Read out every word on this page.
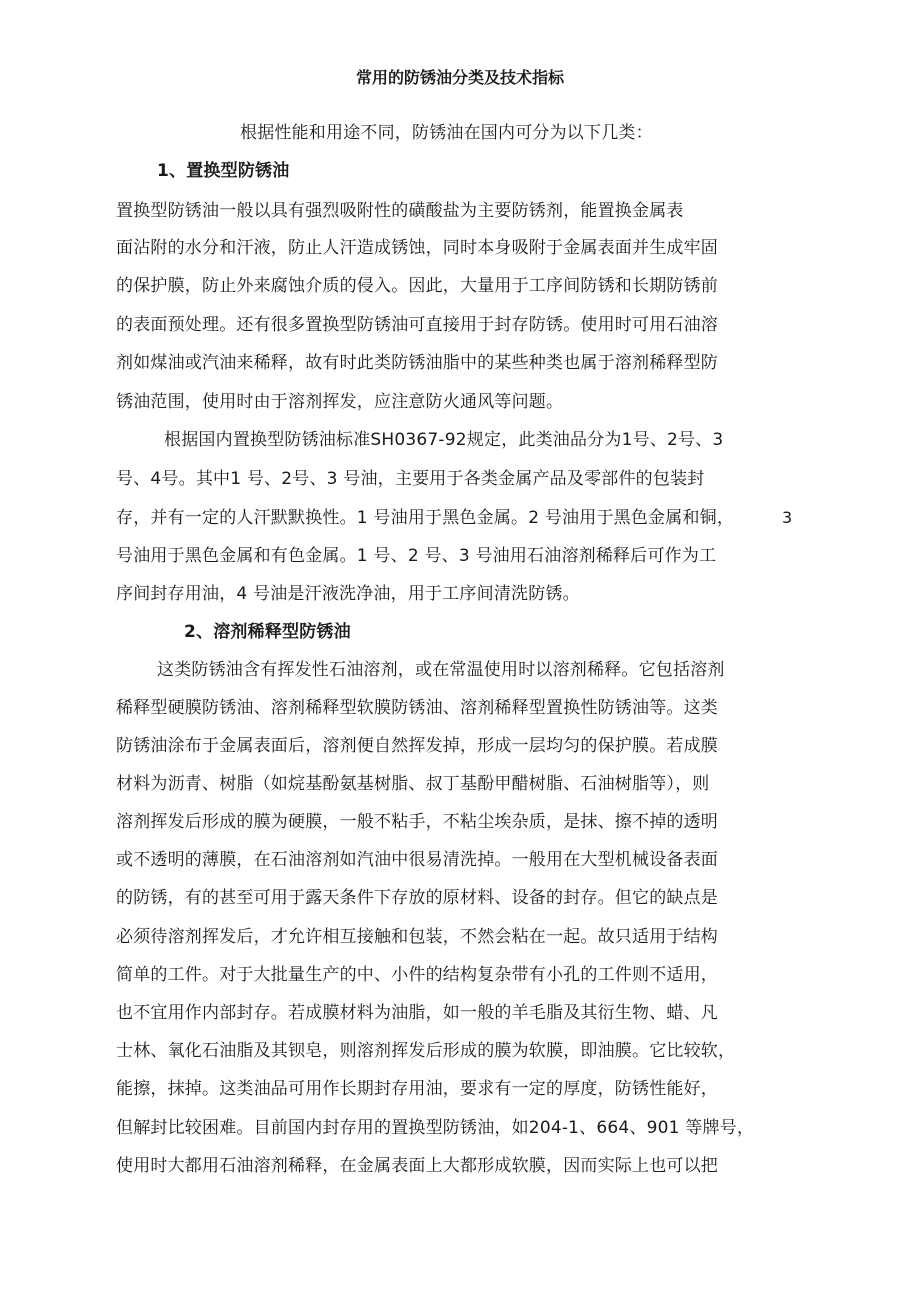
常用的防锈油分类及技术指标
根据性能和用途不同，防锈油在国内可分为以下几类：
1、置换型防锈油
置换型防锈油一般以具有强烈吸附性的磺酸盐为主要防锈剂，能置换金属表
面沾附的水分和汗液，防止人汗造成锈蚀，同时本身吸附于金属表面并生成牢固
的保护膜，防止外来腐蚀介质的侵入。因此，大量用于工序间防锈和长期防锈前
的表面预处理。还有很多置换型防锈油可直接用于封存防锈。使用时可用石油溶
剂如煤油或汽油来稀释，故有时此类防锈油脂中的某些种类也属于溶剂稀释型防
锈油范围，使用时由于溶剂挥发，应注意防火通风等问题。
根据国内置换型防锈油标准SH0367-92规定，此类油品分为1号、2号、3
号、4号。其中1 号、2号、3 号油，主要用于各类金属产品及零部件的包装封
存，并有一定的人汗默默换性。1 号油用于黑色金属。2 号油用于黑色金属和铜，	3
号油用于黑色金属和有色金属。1 号、2 号、3 号油用石油溶剂稀释后可作为工
序间封存用油，4 号油是汗液洗净油，用于工序间清洗防锈。
2、溶剂稀释型防锈油
这类防锈油含有挥发性石油溶剂，或在常温使用时以溶剂稀释。它包括溶剂
稀释型硬膜防锈油、溶剂稀释型软膜防锈油、溶剂稀释型置换性防锈油等。这类
防锈油涂布于金属表面后，溶剂便自然挥发掉，形成一层均匀的保护膜。若成膜
材料为沥青、树脂（如烷基酚氨基树脂、叔丁基酚甲醋树脂、石油树脂等），则
溶剂挥发后形成的膜为硬膜，一般不粘手，不粘尘埃杂质，是抹、擦不掉的透明
或不透明的薄膜，在石油溶剂如汽油中很易清洗掉。一般用在大型机械设备表面
的防锈，有的甚至可用于露天条件下存放的原材料、设备的封存。但它的缺点是
必须待溶剂挥发后，才允许相互接触和包装，不然会粘在一起。故只适用于结构
简单的工件。对于大批量生产的中、小件的结构复杂带有小孔的工件则不适用，
也不宜用作内部封存。若成膜材料为油脂，如一般的羊毛脂及其衍生物、蜡、凡
士林、氧化石油脂及其钡皂，则溶剂挥发后形成的膜为软膜，即油膜。它比较软，
能擦，抹掉。这类油品可用作长期封存用油，要求有一定的厚度，防锈性能好，
但解封比较困难。目前国内封存用的置换型防锈油，如204-1、664、901 等牌号，
使用时大都用石油溶剂稀释，在金属表面上大都形成软膜，因而实际上也可以把
